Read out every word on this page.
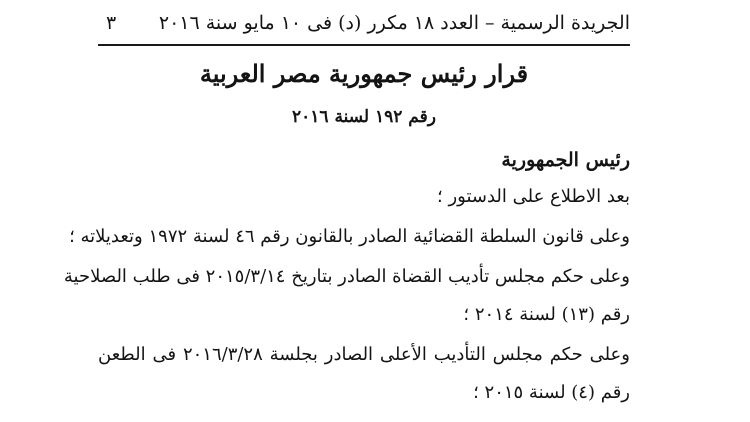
الجريدة الرسمية – العدد ١٨ مكرر (د) فى ١٠ مايو سنة ٢٠١٦
٣
قرار رئيس جمهورية مصر العربية
رقم ١٩٢ لسنة ٢٠١٦
رئيس الجمهورية
بعد الاطلاع على الدستور ؛
وعلى قانون السلطة القضائية الصادر بالقانون رقم ٤٦ لسنة ١٩٧٢ وتعديلاته ؛
وعلى حكم مجلس تأديب القضاة الصادر بتاريخ ٢٠١٥/٣/١٤ فى طلب الصلاحية
رقم (١٣) لسنة ٢٠١٤ ؛
وعلى حكم مجلس التأديب الأعلى الصادر بجلسة ٢٠١٦/٣/٢٨ فى الطعن
رقم (٤) لسنة ٢٠١٥ ؛
